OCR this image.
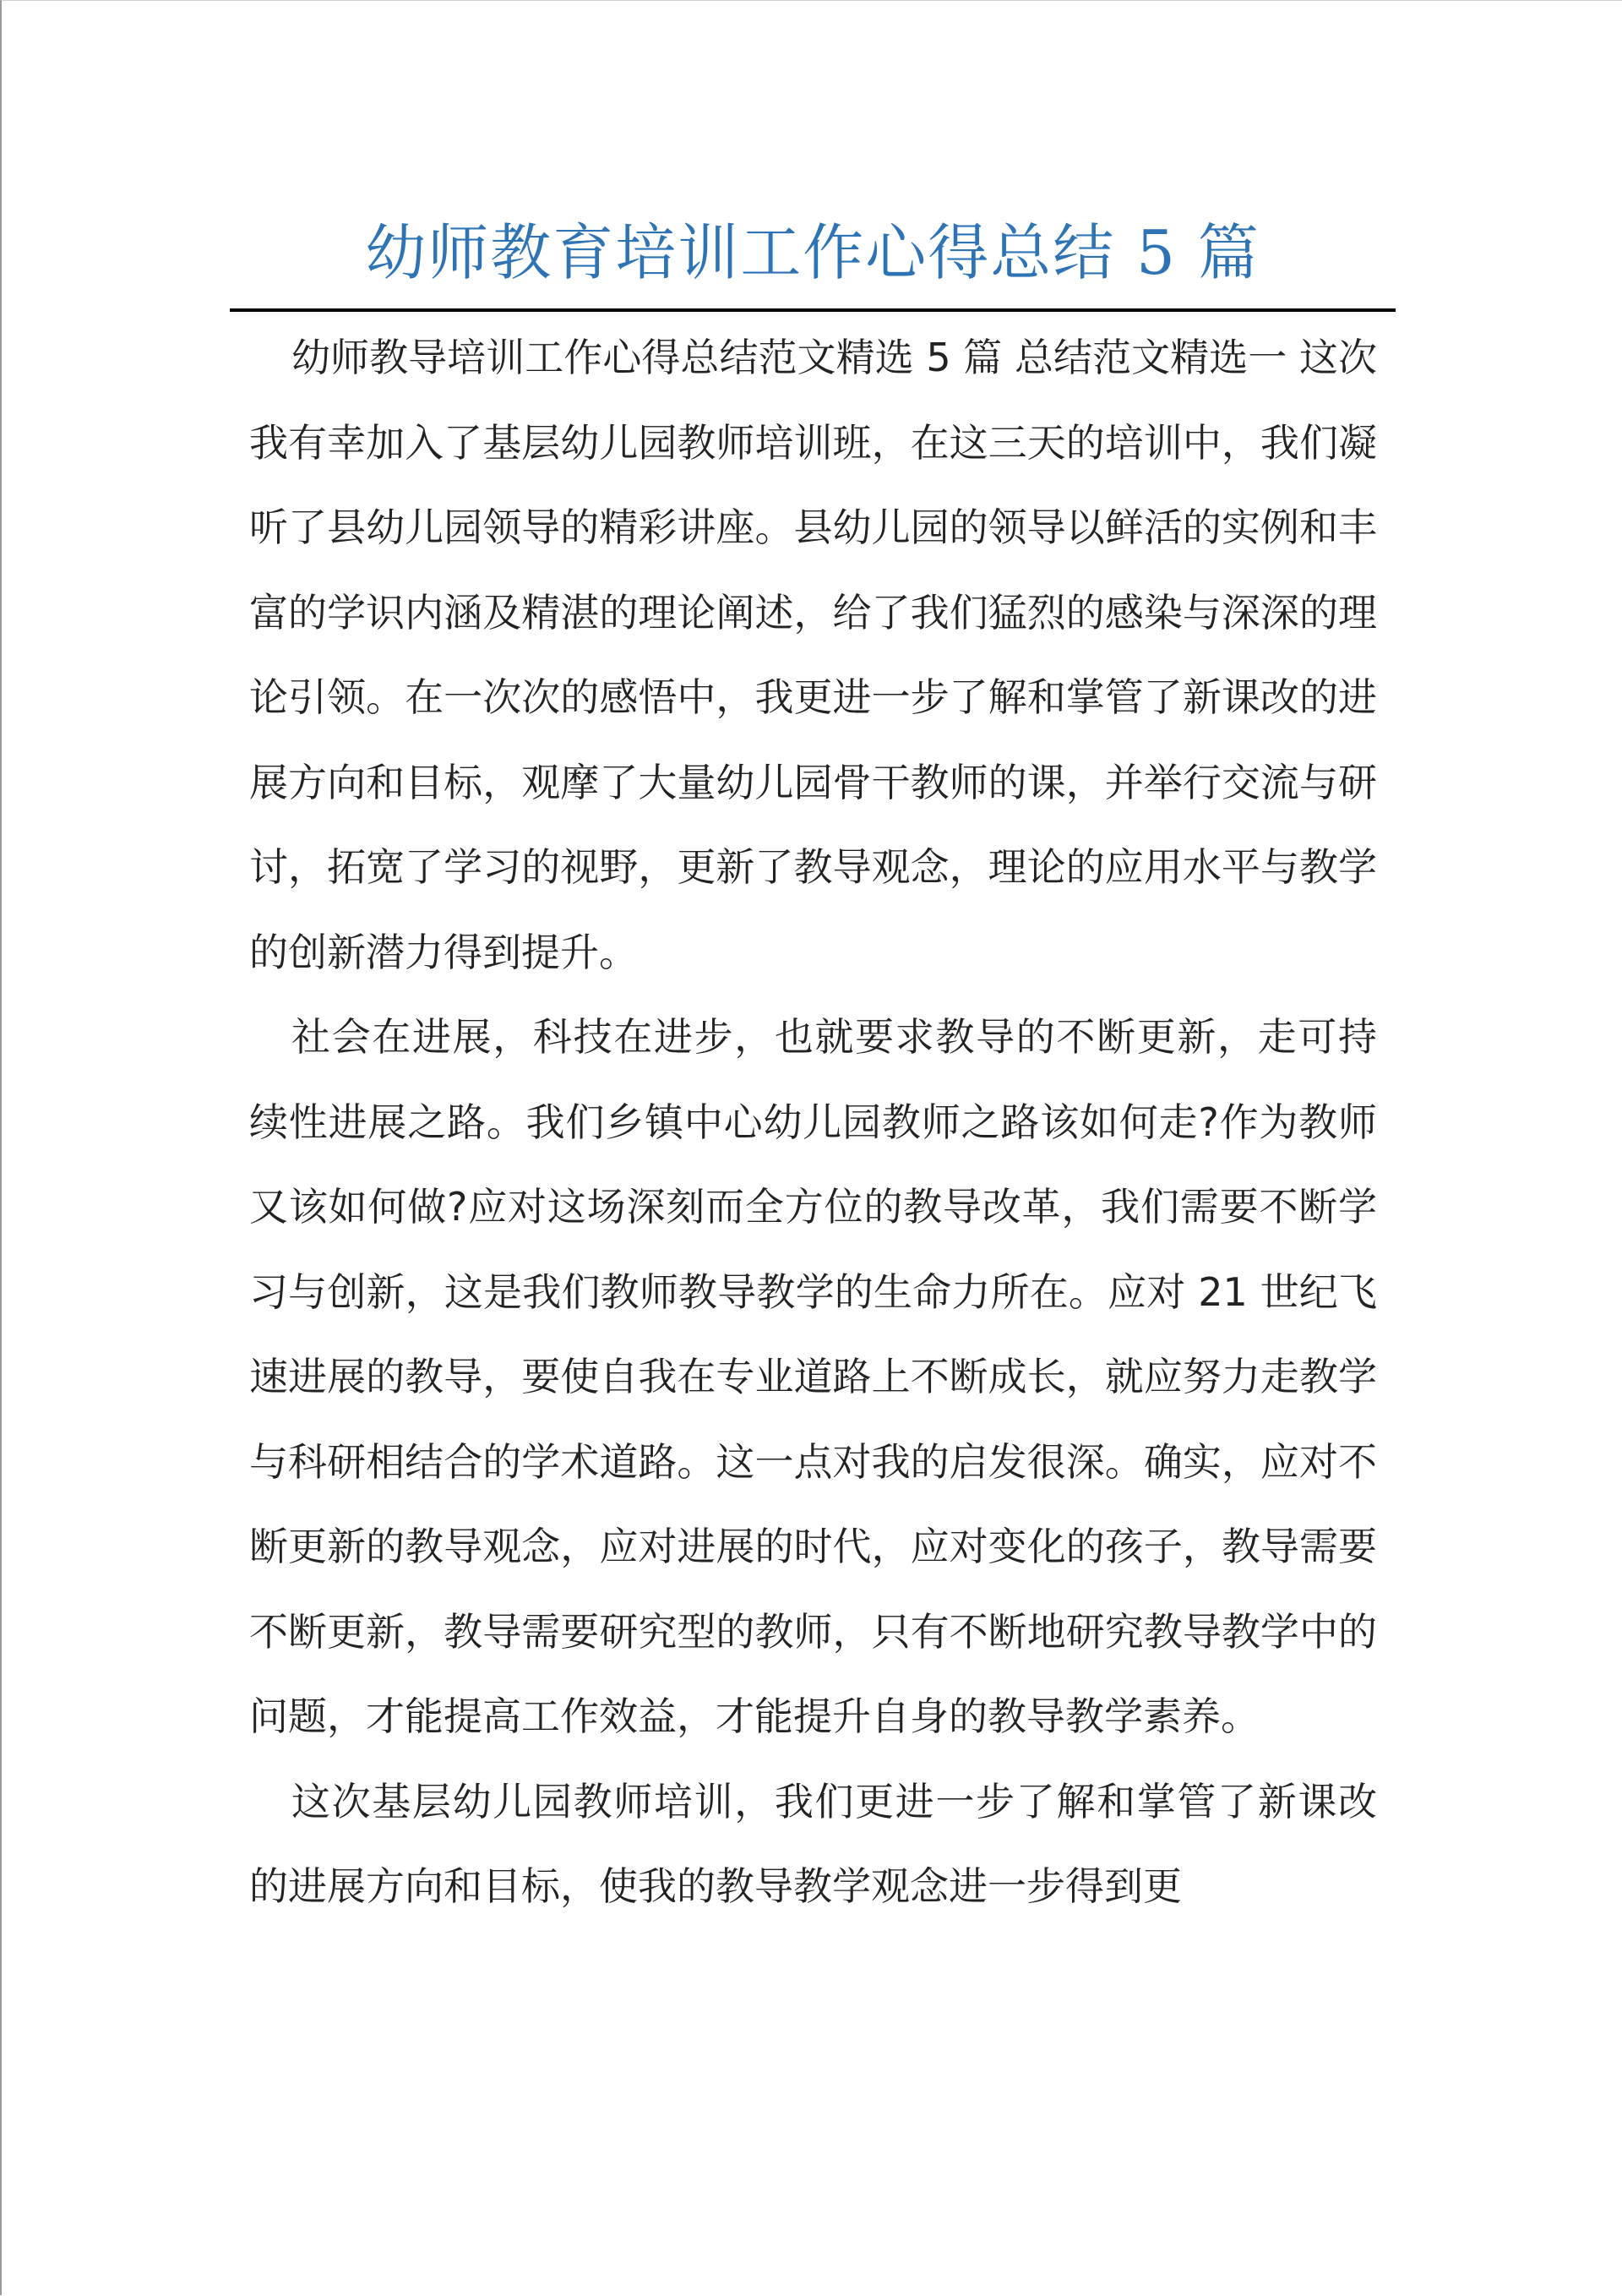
幼师教育培训工作心得总结 5 篇

幼师教导培训工作心得总结范文精选 5 篇 总结范文精选一 这次我有幸加入了基层幼儿园教师培训班，在这三天的培训中，我们凝听了县幼儿园领导的精彩讲座。县幼儿园的领导以鲜活的实例和丰富的学识内涵及精湛的理论阐述，给了我们猛烈的感染与深深的理论引领。在一次次的感悟中，我更进一步了解和掌管了新课改的进展方向和目标，观摩了大量幼儿园骨干教师的课，并举行交流与研讨，拓宽了学习的视野，更新了教导观念，理论的应用水平与教学的创新潜力得到提升。

社会在进展，科技在进步，也就要求教导的不断更新，走可持续性进展之路。我们乡镇中心幼儿园教师之路该如何走?作为教师又该如何做?应对这场深刻而全方位的教导改革，我们需要不断学习与创新，这是我们教师教导教学的生命力所在。应对 21 世纪飞速进展的教导，要使自我在专业道路上不断成长，就应努力走教学与科研相结合的学术道路。这一点对我的启发很深。确实，应对不断更新的教导观念，应对进展的时代，应对变化的孩子，教导需要不断更新，教导需要研究型的教师，只有不断地研究教导教学中的问题，才能提高工作效益，才能提升自身的教导教学素养。

这次基层幼儿园教师培训，我们更进一步了解和掌管了新课改的进展方向和目标，使我的教导教学观念进一步得到更
